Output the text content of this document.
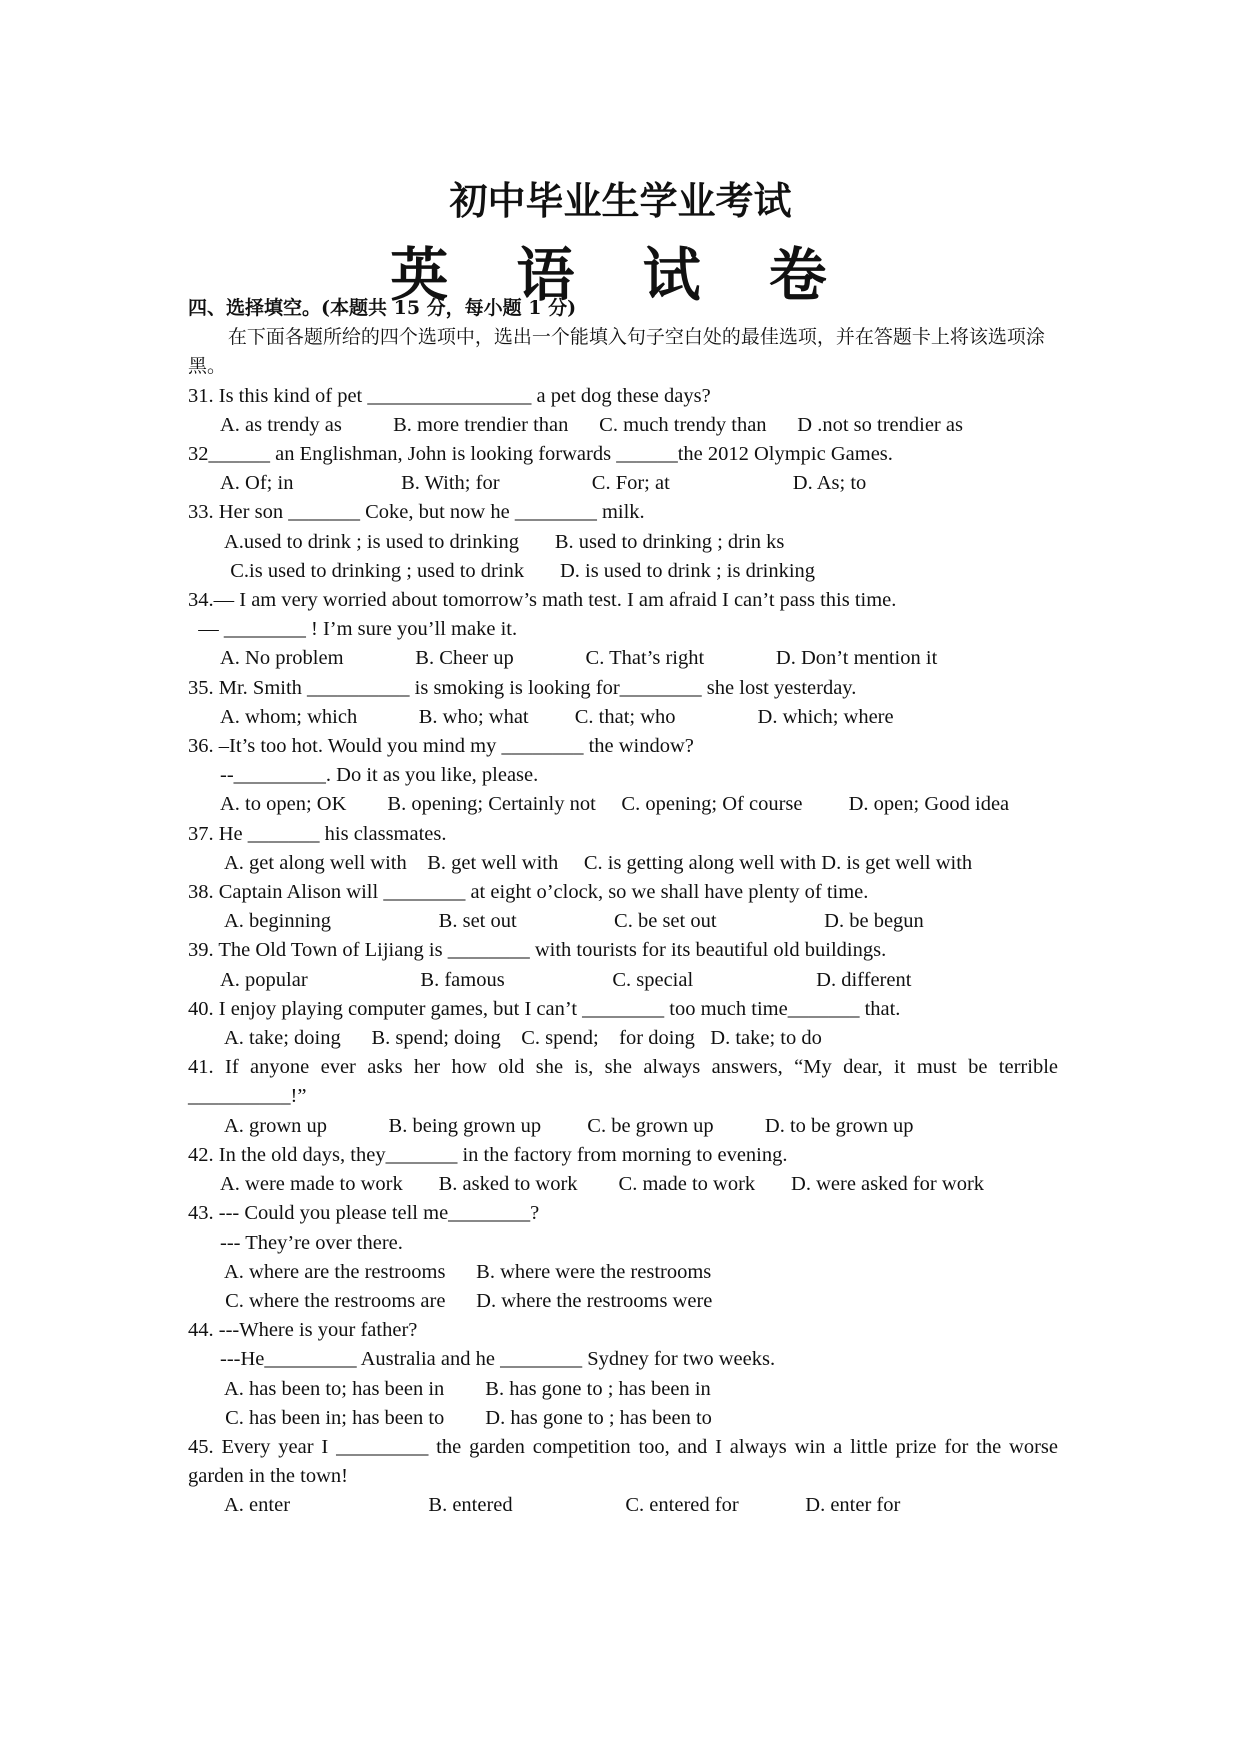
初中毕业生学业考试
英 语 试 卷
四、选择填空。(本题共 15 分，每小题 1 分)
在下面各题所给的四个选项中，选出一个能填入句子空白处的最佳选项，并在答题卡上将该选项涂黑。
31. Is this kind of pet ________________ a pet dog these days?
A. as trendy as          B. more trendier than      C. much trendy than      D .not so trendier as
32______ an Englishman, John is looking forwards ______the 2012 Olympic Games.
A. Of; in                     B. With; for                  C. For; at                        D. As; to
33. Her son _______ Coke, but now he ________ milk.
A.used to drink ; is used to drinking       B. used to drinking ; drin ks
C.is used to drinking ; used to drink       D. is used to drink ; is drinking
34.— I am very worried about tomorrow’s math test. I am afraid I can’t pass this time.
— ________ ! I’m sure you’ll make it.
A. No problem              B. Cheer up              C. That’s right              D. Don’t mention it
35. Mr. Smith __________ is smoking is looking for________ she lost yesterday.
A. whom; which            B. who; what         C. that; who                D. which; where
36. –It’s too hot. Would you mind my ________ the window?
--_________. Do it as you like, please.
A. to open; OK        B. opening; Certainly not     C. opening; Of course         D. open; Good idea
37. He _______ his classmates.
A. get along well with    B. get well with     C. is getting along well with D. is get well with
38. Captain Alison will ________ at eight o’clock, so we shall have plenty of time.
A. beginning                     B. set out                   C. be set out                     D. be begun
39. The Old Town of Lijiang is ________ with tourists for its beautiful old buildings.
A. popular                      B. famous                     C. special                        D. different
40. I enjoy playing computer games, but I can’t ________ too much time_______ that.
A. take; doing      B. spend; doing    C. spend;    for doing   D. take; to do
41. If anyone ever asks her how old she is, she always answers, “My dear, it must be terrible __________!”
A. grown up            B. being grown up         C. be grown up          D. to be grown up
42. In the old days, they_______ in the factory from morning to evening.
A. were made to work       B. asked to work        C. made to work       D. were asked for work
43. --- Could you please tell me________?
--- They’re over there.
A. where are the restrooms      B. where were the restrooms
C. where the restrooms are      D. where the restrooms were
44. ---Where is your father?
---He_________ Australia and he ________ Sydney for two weeks.
A. has been to; has been in        B. has gone to ; has been in
C. has been in; has been to        D. has gone to ; has been to
45. Every year I _________ the garden competition too, and I always win a little prize for the worse garden in the town!
A. enter                           B. entered                      C. entered for             D. enter for
